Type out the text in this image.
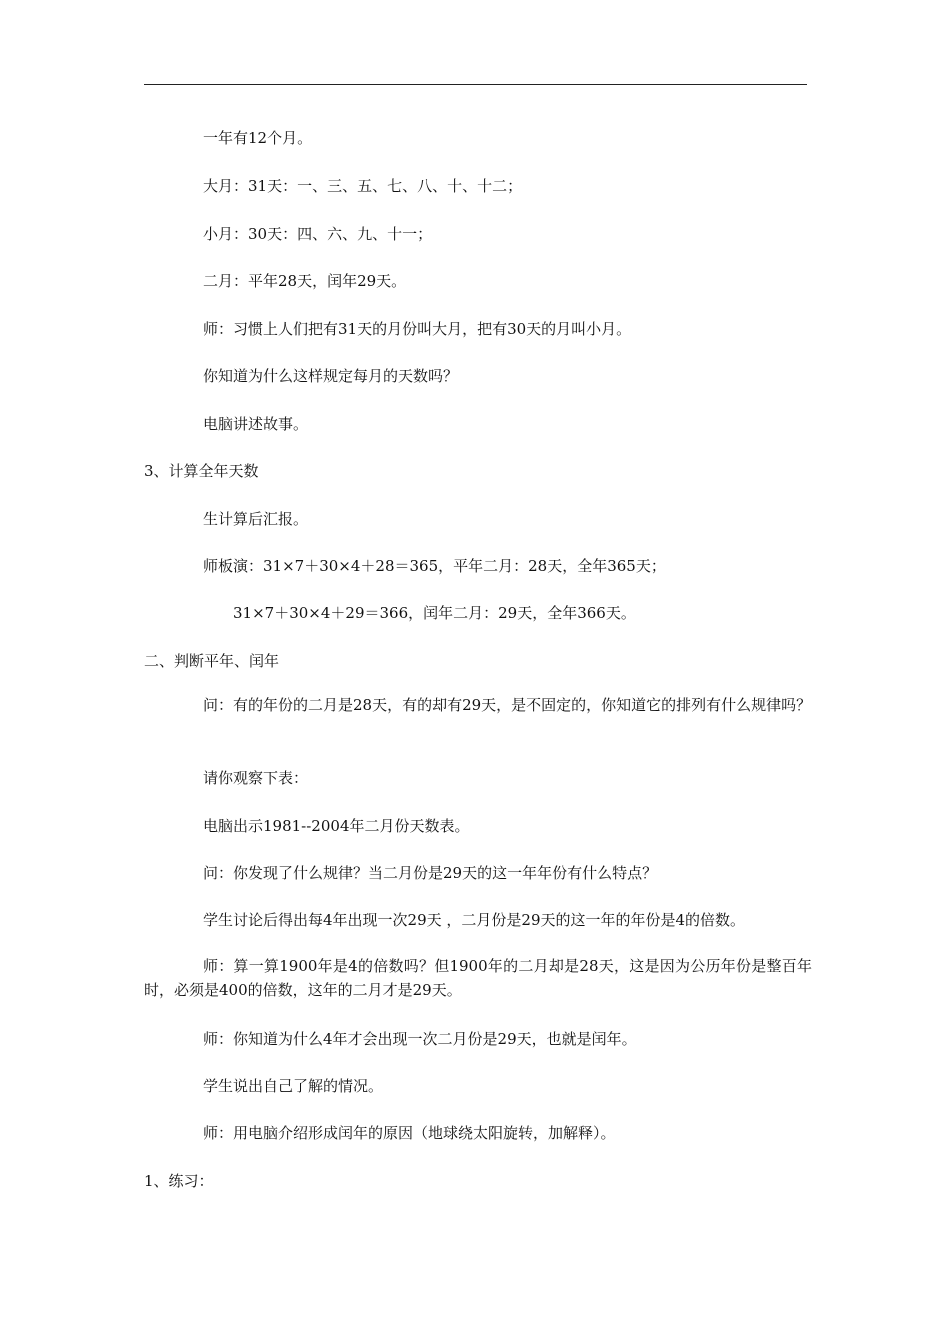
一年有12个月。
大月：31天：一、三、五、七、八、十、十二；
小月：30天：四、六、九、十一；
二月：平年28天，闰年29天。
师：习惯上人们把有31天的月份叫大月，把有30天的月叫小月。
你知道为什么这样规定每月的天数吗？
电脑讲述故事。
3、计算全年天数
生计算后汇报。
师板演：31×7＋30×4＋28＝365，平年二月：28天，全年365天；
31×7＋30×4＋29＝366，闰年二月：29天，全年366天。
二、判断平年、闰年
问：有的年份的二月是28天，有的却有29天，是不固定的，你知道它的排列有什么规律吗？
请你观察下表：
电脑出示1981--2004年二月份天数表。
问：你发现了什么规律？当二月份是29天的这一年年份有什么特点？
学生讨论后得出每4年出现一次29天 ，二月份是29天的这一年的年份是4的倍数。
师：算一算1900年是4的倍数吗？但1900年的二月却是28天，这是因为公历年份是整百年时，必须是400的倍数，这年的二月才是29天。
师：你知道为什么4年才会出现一次二月份是29天，也就是闰年。
学生说出自己了解的情况。
师：用电脑介绍形成闰年的原因（地球绕太阳旋转，加解释）。
1、练习：
